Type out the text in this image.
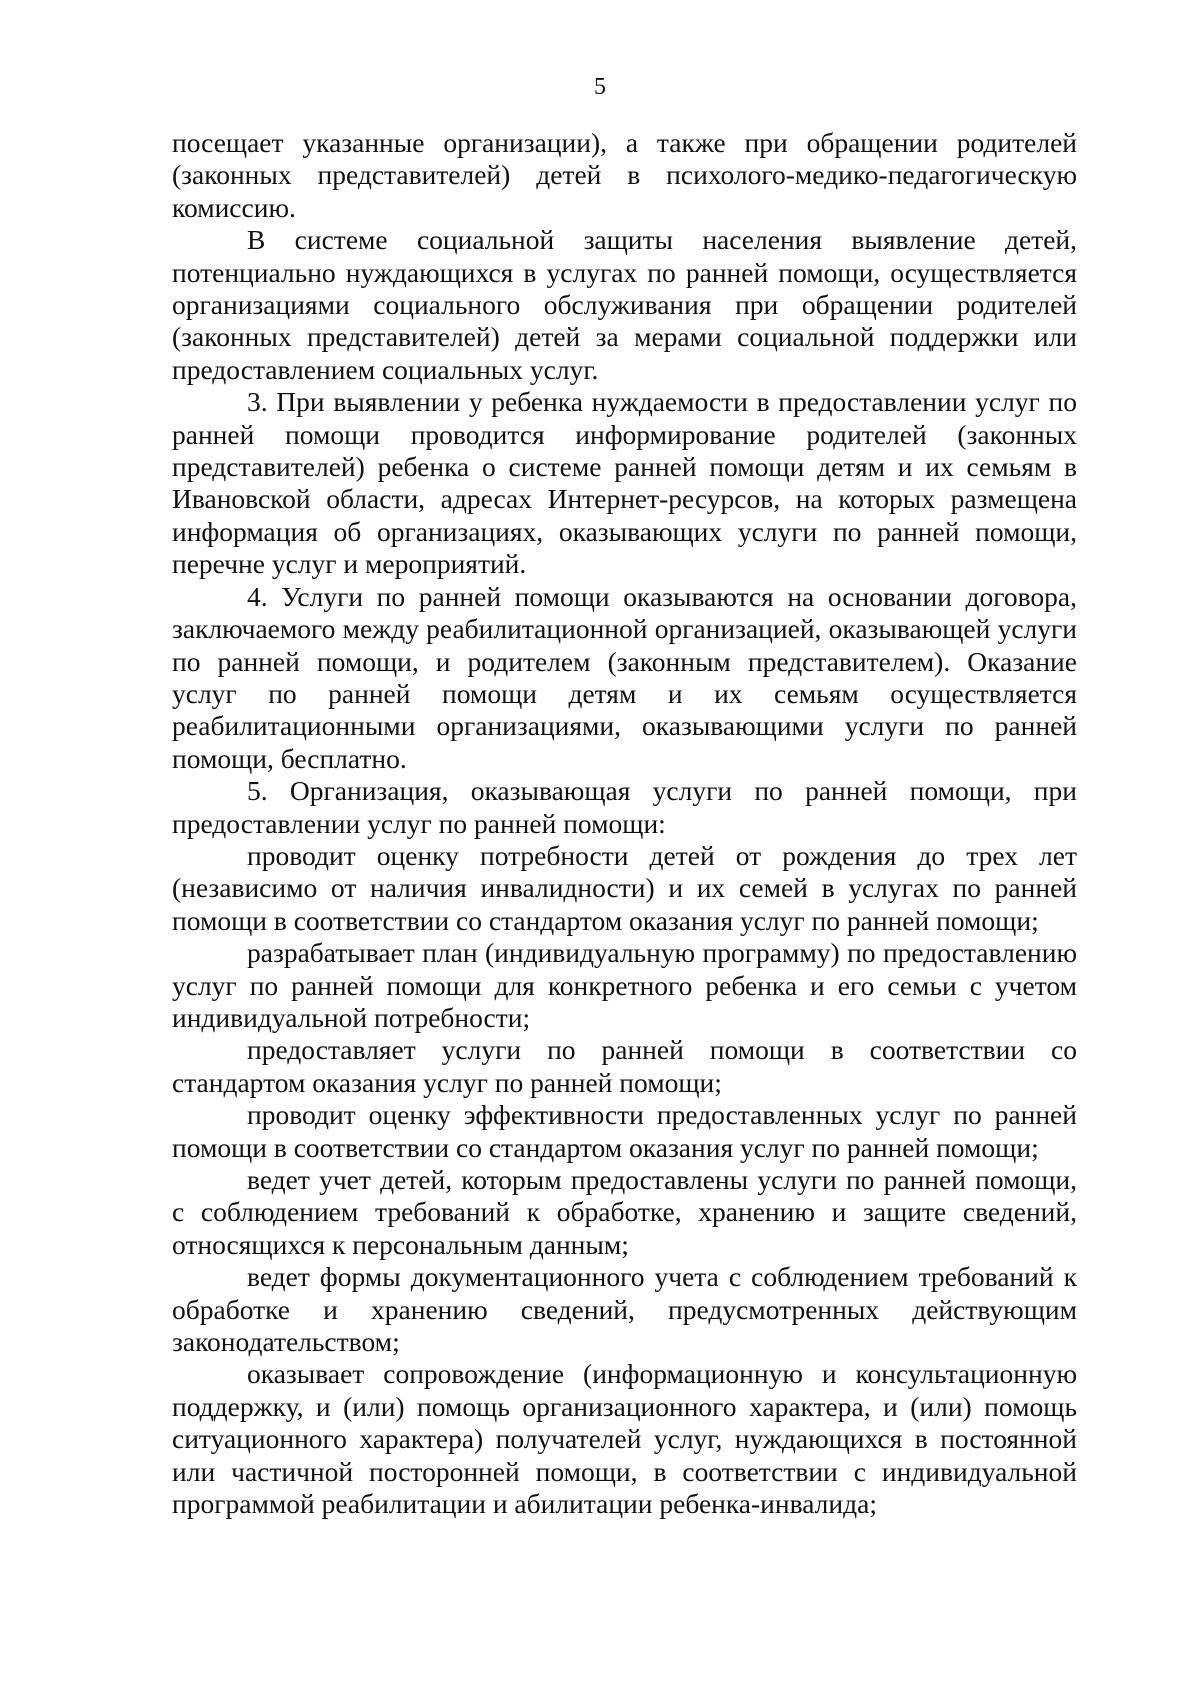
5

посещает указанные организации), а также при обращении родителей (законных представителей) детей в психолого-медико-педагогическую комиссию.

В системе социальной защиты населения выявление детей, потенциально нуждающихся в услугах по ранней помощи, осуществляется организациями социального обслуживания при обращении родителей (законных представителей) детей за мерами социальной поддержки или предоставлением социальных услуг.

3. При выявлении у ребенка нуждаемости в предоставлении услуг по ранней помощи проводится информирование родителей (законных представителей) ребенка о системе ранней помощи детям и их семьям в Ивановской области, адресах Интернет-ресурсов, на которых размещена информация об организациях, оказывающих услуги по ранней помощи, перечне услуг и мероприятий.

4. Услуги по ранней помощи оказываются на основании договора, заключаемого между реабилитационной организацией, оказывающей услуги по ранней помощи, и родителем (законным представителем). Оказание услуг по ранней помощи детям и их семьям осуществляется реабилитационными организациями, оказывающими услуги по ранней помощи, бесплатно.

5. Организация, оказывающая услуги по ранней помощи, при предоставлении услуг по ранней помощи:

проводит оценку потребности детей от рождения до трех лет (независимо от наличия инвалидности) и их семей в услугах по ранней помощи в соответствии со стандартом оказания услуг по ранней помощи;

разрабатывает план (индивидуальную программу) по предоставлению услуг по ранней помощи для конкретного ребенка и его семьи с учетом индивидуальной потребности;

предоставляет услуги по ранней помощи в соответствии со стандартом оказания услуг по ранней помощи;

проводит оценку эффективности предоставленных услуг по ранней помощи в соответствии со стандартом оказания услуг по ранней помощи;

ведет учет детей, которым предоставлены услуги по ранней помощи, с соблюдением требований к обработке, хранению и защите сведений, относящихся к персональным данным;

ведет формы документационного учета с соблюдением требований к обработке и хранению сведений, предусмотренных действующим законодательством;

оказывает сопровождение (информационную и консультационную поддержку, и (или) помощь организационного характера, и (или) помощь ситуационного характера) получателей услуг, нуждающихся в постоянной или частичной посторонней помощи, в соответствии с индивидуальной программой реабилитации и абилитации ребенка-инвалида;
